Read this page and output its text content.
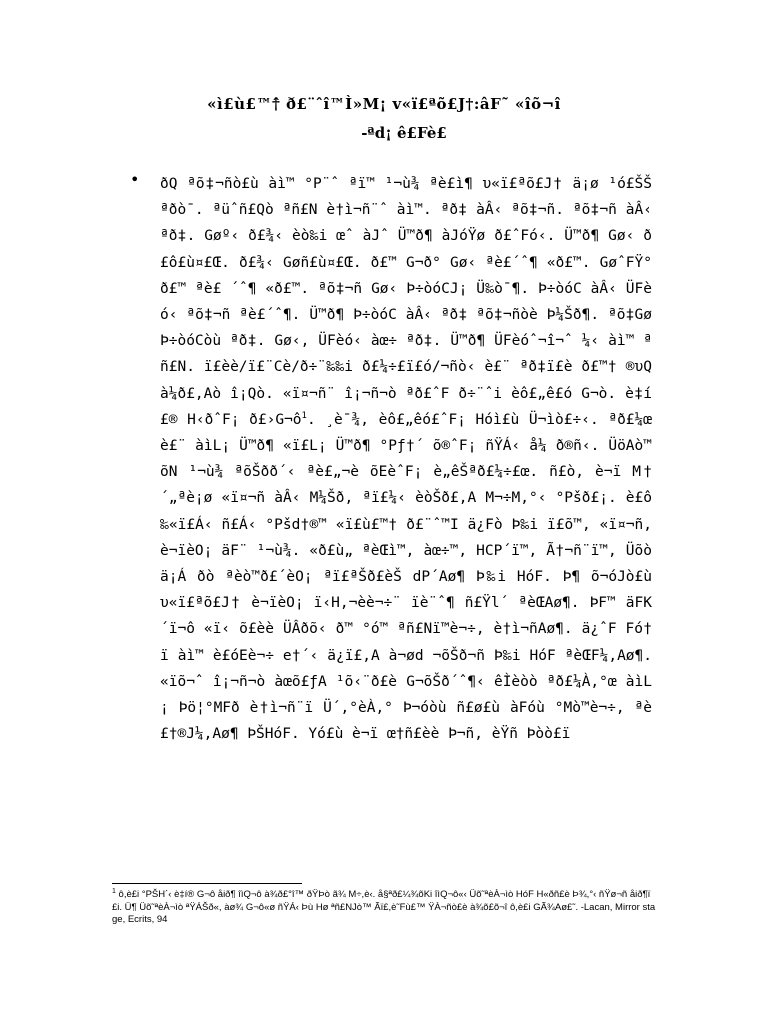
«ì£ù£™†̂ ð£¨ˆî™Ì»M¡ v«ï£ªõ£J†:âF˜ «îõ¬î
-ªd¡ ê£Fè£
• ðQ ªõ‡¬ñò£ù àì™ °P¨ˆ ªï™ ¹¬ù¾ ªè£ì¶ υ«ï£ªõ£J† ä¡ø ¹ó£ŠŠ ªðò¯. ªüˆñ£Qò ªñ£N è†ì¬ñ¨ˆ àì™. ªð‡ àÂ‹ ªõ‡¬ñ. ªõ‡¬ñ àÂ‹ ªð‡. Gøº‹ ð£¾‹ èò‰i œˆ àJˆ Ü™ð¶ àJóŸø ð£ˆFó‹. Ü™ð¶ Gø‹ ð£ô£ù¤£Œ. ð£¾‹ Gøñ£ù¤£Œ. ð£™ G¬ð° Gø‹ ªè£´ˆ¶ «ð£™. GøˆFŸ° ð£™ ªè£ ´ˆ¶ «ð£™. ªõ‡¬ñ Gø‹ Þ÷òóCJ¡ Ü‰ò¯¶. Þ÷òóC àÂ‹ ÜFèó‹ ªõ‡¬ñ ªè£´ˆ¶. Ü™ð¶ Þ÷òóC àÂ‹ ªð‡ ªõ‡¬ñòè Þ¼Šð¶. ªõ‡Gø Þ÷òóCòù ªð‡. Gø‹, ÜFèó‹ àœ÷ ªð‡. Ü™ð¶ ÜFèóˆ¬î¬ˆ ¼‹ àì™ ªñ£N. ï£èè/ï£¨Cè/ð÷¨‰‰i ð£¼÷£ï£ó/¬ñò‹ è£¨ ªð‡ï£è ð£™† ®υQ à¼ð£‚Aò î¡Qò. «ï¤¬ñ¨ î¡¬ñ¬ò ªð£ˆF ð÷¨ˆi èô£„ê£ó G¬ò. è‡í£® H‹ðˆF¡ $ð£›G\neg ô^1$. ¸è¯¾, èô£„êó£ˆF¡ Hóì£ù Ü¬ìò£÷‹. ªð£¼œè£¨ àìL¡ Ü™ð¶ «ï£L¡ Ü™ð¶ °Pƒ†´ õ®ˆF¡ ñŸÁ‹ å¼ ð®ñ‹. ÜöAò™ õN ¹¬ù¾ ªõŠðð´‹ ªè£„¬è õEèˆF¡ è„êŠªð£¼÷£œ. ñ£ò, è¬ï M† ´„ªè¡ø «ï¤¬ñ àÂ‹ M¼Šð, ªï£¼‹ èòŠð£‚A M¬÷M,°‹ °Pšð£¡. è£ô ‰«ï£Á‹ ñ£Á‹ °Pšd†®™ «ï£ù£™† ð£¨ˆ™I ä¿Fò Þ‰i ï£õ™, «ï¤¬ñ, è¬ïèO¡ äF¨ ¹¬ù¾. «ð£ù„ ªèŒì™, àœ÷™, HCP´ï™, Ã†¬ñ¨ï™, Üõò ä¡Á ðò ªèò™ð£´èO¡ ªï£ªŠð£èŠ dP´Aø¶ Þ‰i HóF. Þ¶ õ¬óJò£ù υ«ï£ªõ£J† è¬ïèO¡ ï‹H,¬èè¬÷¨ ïè¨ˆ¶ ñ£Ÿl´ ªèŒAø¶. ÞF™ äFK ´ï¬ô «ï‹ õ£èè ÜÂðõ‹ ð™ °ó™ ªñ£Nï™è¬÷, è†ì¬ñAø¶. ä¿ˆF Fó†ï àì™ è£óEè¬÷ e†´‹ ä¿ï£‚A à¬ød ¬õŠð¬ñ Þ‰i HóF ªèŒF¼‚Aø¶. «ïõ¬ˆ î¡¬ñ¬ò àœõ£ƒA ¹õ‹¨ð£è G¬õŠð´ˆ¶‹ êÌèòò ªð£¼À,°œ àìL¡ Þö¦°MFð è†ì¬ñ¨ï Ü´,°èÀ,° Þ¬óòù ñ£ø£ù àFóù °Mò™è¬÷, ªè£†®J¼,Aø¶ ÞŠHóF. Yó£ù è¬ï œ†ñ£èè Þ¬ñ, èŸñ Þòò£ï
$^1$ ô,è£i °PŠH´‹ è‡í® G¬ô åið¶ îìQ¬ô à¾ð£°î™ ðŸÞò ã¾ M÷,è‹. å§ªð£¼¾õKi îìQ¬ô«‹ Üõ˜ªèÀ¬ìò HóF H«ðñ£è Þ¾,°‹ ñŸø¬ñ åið¶ï£i. Ü¶ Üõ˜ªèÀ¬ìò ªŸÁŠð«, àø¾ G¬ô«ø ñŸÁ‹ Þù Hø ªñ£NJò™ Ãï£,è˜Fù£™ ŸÀ¬ñò£è à¾õ£õ¬î ô,è£i GÃ¾Aø£˜. -Lacan, Mirror stage, Ecrits, 94
